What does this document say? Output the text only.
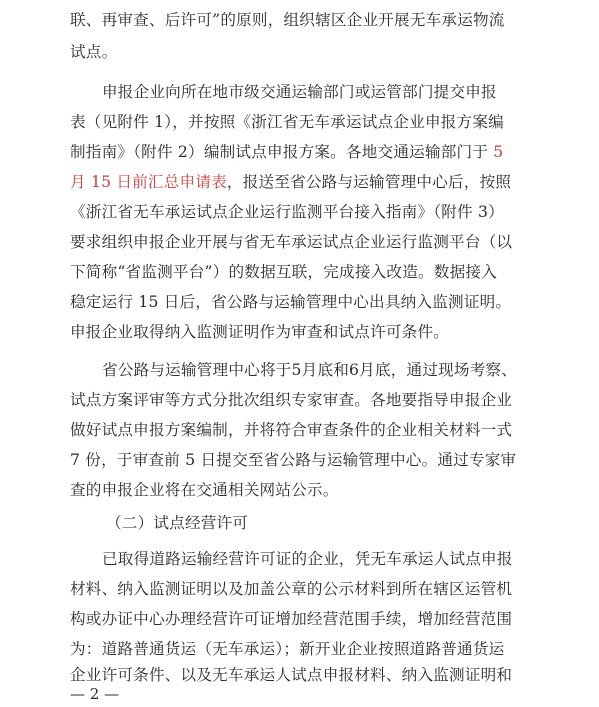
联、再审查、后许可”的原则，组织辖区企业开展无车承运物流
试点。
申报企业向所在地市级交通运输部门或运管部门提交申报
表（见附件 1），并按照《浙江省无车承运试点企业申报方案编
制指南》（附件 2）编制试点申报方案。各地交通运输部门于 5
月 15 日前汇总申请表，报送至省公路与运输管理中心后，按照
《浙江省无车承运试点企业运行监测平台接入指南》（附件 3）
要求组织申报企业开展与省无车承运试点企业运行监测平台（以
下简称“省监测平台”）的数据互联，完成接入改造。数据接入
稳定运行 15 日后，省公路与运输管理中心出具纳入监测证明。
申报企业取得纳入监测证明作为审查和试点许可条件。
省公路与运输管理中心将于5月底和6月底，通过现场考察、
试点方案评审等方式分批次组织专家审查。各地要指导申报企业
做好试点申报方案编制，并将符合审查条件的企业相关材料一式
7 份，于审查前 5 日提交至省公路与运输管理中心。通过专家审
查的申报企业将在交通相关网站公示。
（二）试点经营许可
已取得道路运输经营许可证的企业，凭无车承运人试点申报
材料、纳入监测证明以及加盖公章的公示材料到所在辖区运管机
构或办证中心办理经营许可证增加经营范围手续，增加经营范围
为：道路普通货运（无车承运）；新开业企业按照道路普通货运
企业许可条件、以及无车承运人试点申报材料、纳入监测证明和
— 2 —
